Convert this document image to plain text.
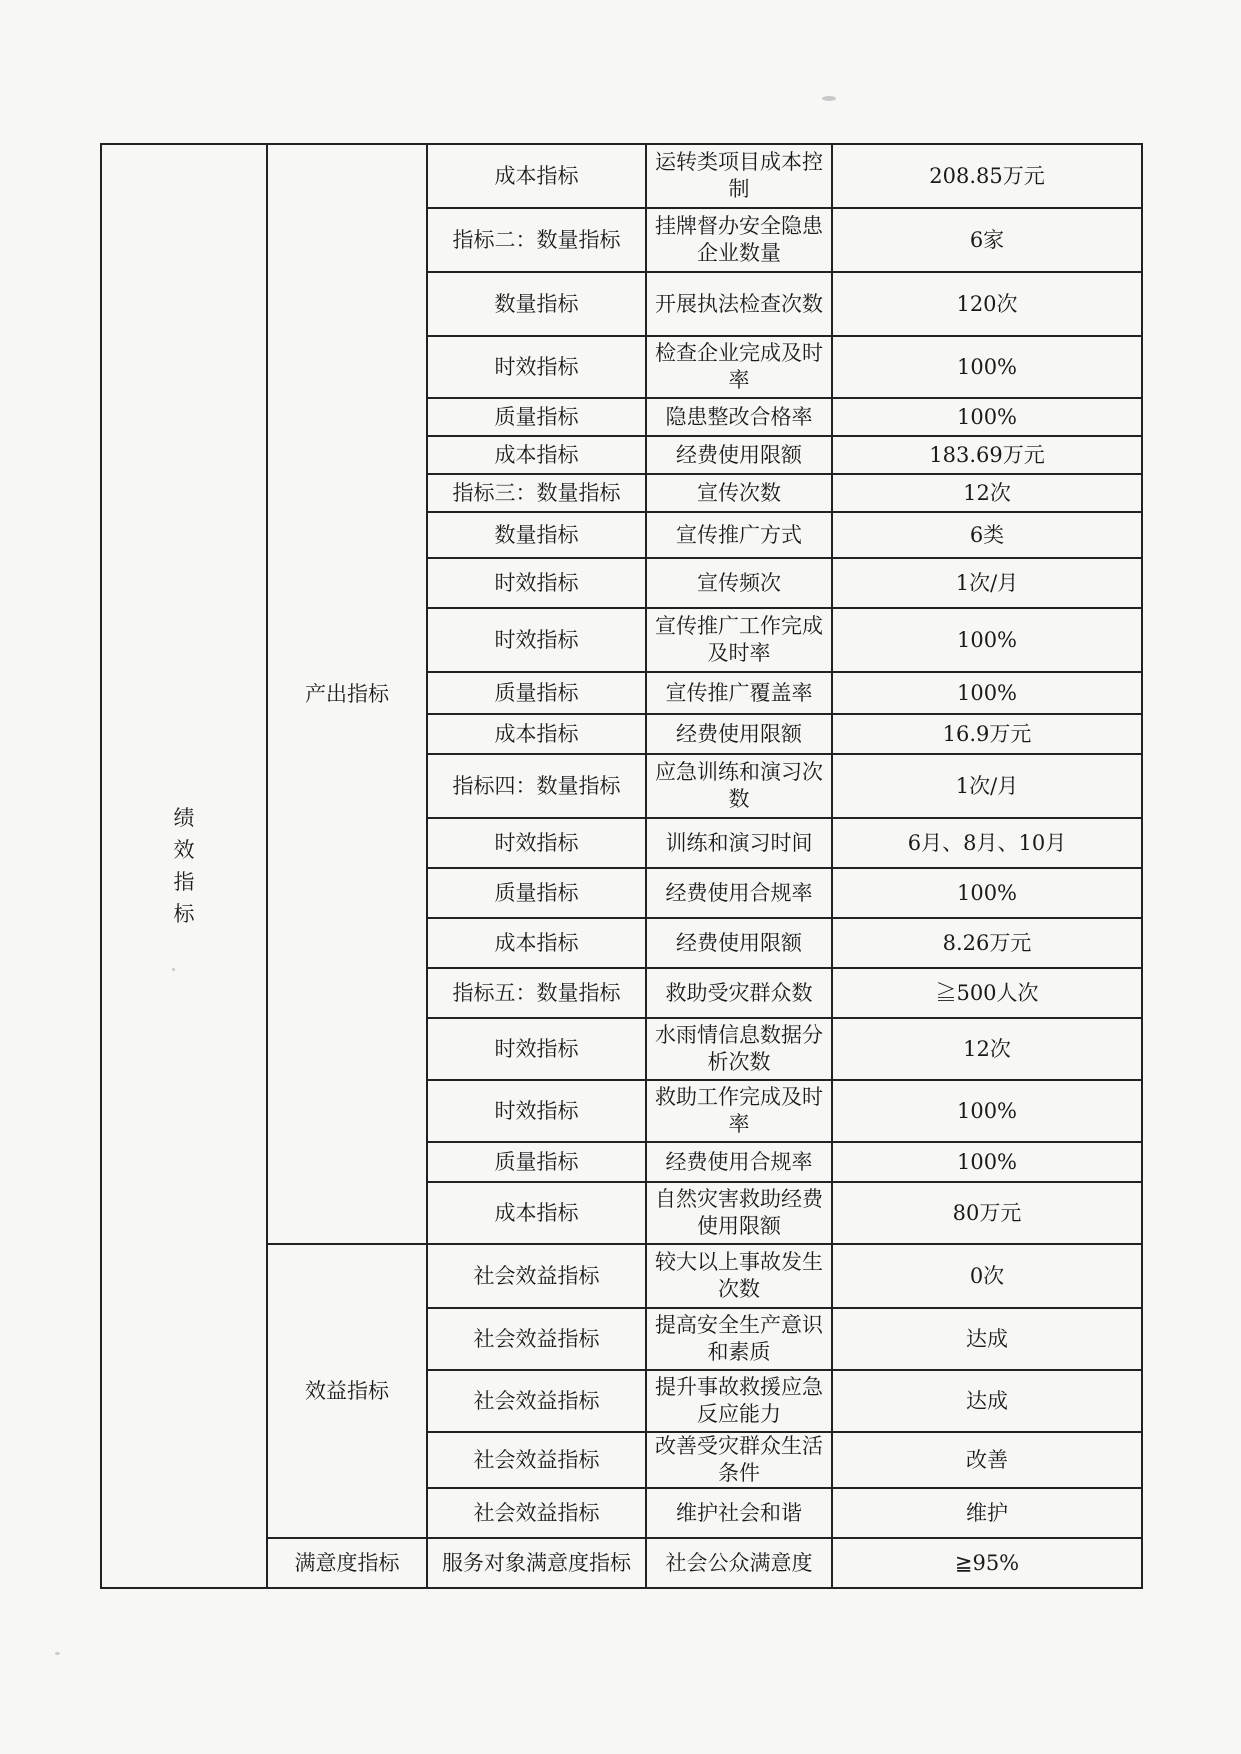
绩效指标	产出指标	成本指标	运转类项目成本控制	208.85万元
		指标二：数量指标	挂牌督办安全隐患企业数量	6家
		数量指标	开展执法检查次数	120次
		时效指标	检查企业完成及时率	100%
		质量指标	隐患整改合格率	100%
		成本指标	经费使用限额	183.69万元
		指标三：数量指标	宣传次数	12次
		数量指标	宣传推广方式	6类
		时效指标	宣传频次	1次/月
		时效指标	宣传推广工作完成及时率	100%
		质量指标	宣传推广覆盖率	100%
		成本指标	经费使用限额	16.9万元
		指标四：数量指标	应急训练和演习次数	1次/月
		时效指标	训练和演习时间	6月、8月、10月
		质量指标	经费使用合规率	100%
		成本指标	经费使用限额	8.26万元
		指标五：数量指标	救助受灾群众数	≧500人次
		时效指标	水雨情信息数据分析次数	12次
		时效指标	救助工作完成及时率	100%
		质量指标	经费使用合规率	100%
		成本指标	自然灾害救助经费使用限额	80万元
	效益指标	社会效益指标	较大以上事故发生次数	0次
		社会效益指标	提高安全生产意识和素质	达成
		社会效益指标	提升事故救援应急反应能力	达成
		社会效益指标	改善受灾群众生活条件	改善
		社会效益指标	维护社会和谐	维护
	满意度指标	服务对象满意度指标	社会公众满意度	≧95%
